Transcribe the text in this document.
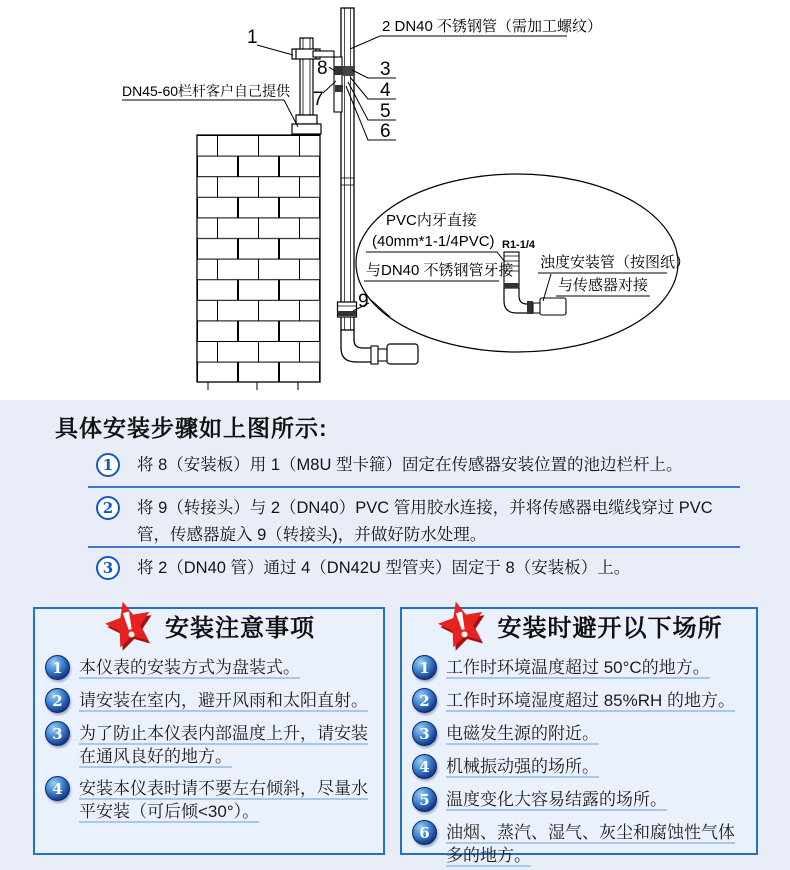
1
2 DN40 不锈钢管（需加工螺纹）
3
4
5
6
8
7
9
DN45-60栏杆客户自己提供
PVC内牙直接
(40mm*1-1/4PVC)
与DN40 不锈钢管牙接
R1-1/4
浊度安装管（按图纸）
与传感器对接
具体安装步骤如上图所示:
1	将 8（安装板）用 1（M8U 型卡箍）固定在传感器安装位置的池边栏杆上。
2	将 9（转接头）与 2（DN40）PVC 管用胶水连接，并将传感器电缆线穿过 PVC 管，传感器旋入 9（转接头)，并做好防水处理。
3	将 2（DN40 管）通过 4（DN42U 型管夹）固定于 8（安装板）上。
安装注意事项
1 本仪表的安装方式为盘装式。
2 请安装在室内，避开风雨和太阳直射。
3 为了防止本仪表内部温度上升，请安装在通风良好的地方。
4 安装本仪表时请不要左右倾斜，尽量水平安装（可后倾<30°）。
安装时避开以下场所
1 工作时环境温度超过 50°C的地方。
2 工作时环境湿度超过 85%RH 的地方。
3 电磁发生源的附近。
4 机械振动强的场所。
5 温度变化大容易结露的场所。
6 油烟、蒸汽、湿气、灰尘和腐蚀性气体多的地方。
